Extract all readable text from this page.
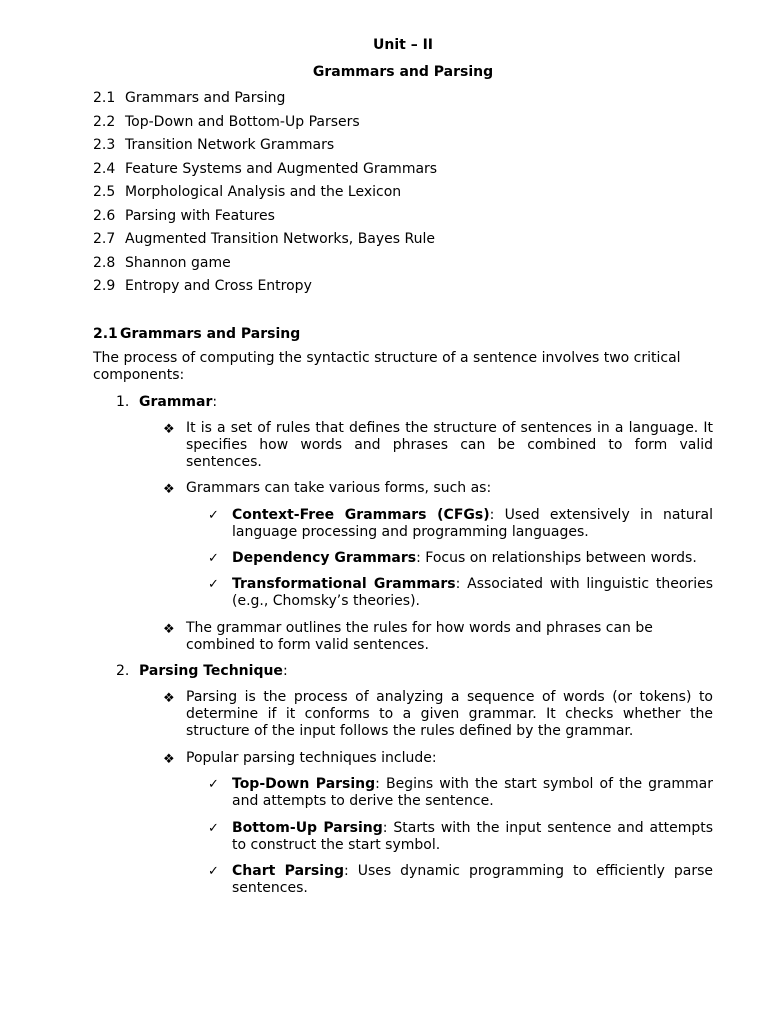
Unit – II
Grammars and Parsing
2.1 Grammars and Parsing
2.2 Top-Down and Bottom-Up Parsers
2.3 Transition Network Grammars
2.4 Feature Systems and Augmented Grammars
2.5 Morphological Analysis and the Lexicon
2.6 Parsing with Features
2.7 Augmented Transition Networks, Bayes Rule
2.8 Shannon game
2.9 Entropy and Cross Entropy
2.1 Grammars and Parsing
The process of computing the syntactic structure of a sentence involves two critical components:
1. Grammar:
❖ It is a set of rules that defines the structure of sentences in a language. It specifies how words and phrases can be combined to form valid sentences.
❖ Grammars can take various forms, such as:
✓ Context-Free Grammars (CFGs): Used extensively in natural language processing and programming languages.
✓ Dependency Grammars: Focus on relationships between words.
✓ Transformational Grammars: Associated with linguistic theories (e.g., Chomsky’s theories).
❖ The grammar outlines the rules for how words and phrases can be combined to form valid sentences.
2. Parsing Technique:
❖ Parsing is the process of analyzing a sequence of words (or tokens) to determine if it conforms to a given grammar. It checks whether the structure of the input follows the rules defined by the grammar.
❖ Popular parsing techniques include:
✓ Top-Down Parsing: Begins with the start symbol of the grammar and attempts to derive the sentence.
✓ Bottom-Up Parsing: Starts with the input sentence and attempts to construct the start symbol.
✓ Chart Parsing: Uses dynamic programming to efficiently parse sentences.
